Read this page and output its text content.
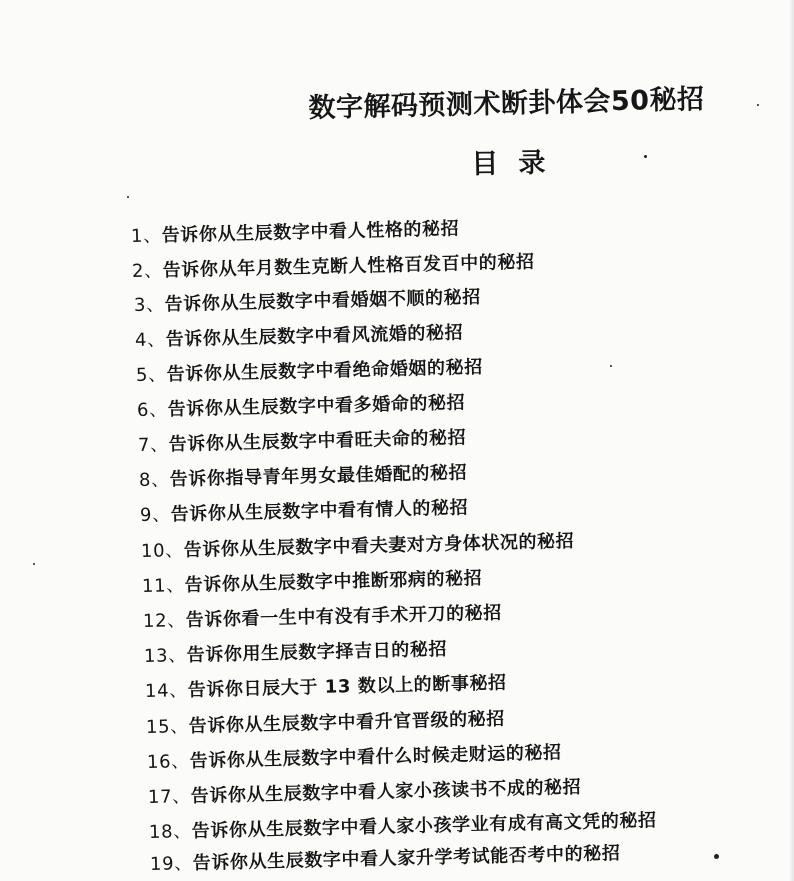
数字解码预测术断卦体会50秘招
目录
1、告诉你从生辰数字中看人性格的秘招
2、告诉你从年月数生克断人性格百发百中的秘招
3、告诉你从生辰数字中看婚姻不顺的秘招
4、告诉你从生辰数字中看风流婚的秘招
5、告诉你从生辰数字中看绝命婚姻的秘招
6、告诉你从生辰数字中看多婚命的秘招
7、告诉你从生辰数字中看旺夫命的秘招
8、告诉你指导青年男女最佳婚配的秘招
9、告诉你从生辰数字中看有情人的秘招
10、告诉你从生辰数字中看夫妻对方身体状况的秘招
11、告诉你从生辰数字中推断邪病的秘招
12、告诉你看一生中有没有手术开刀的秘招
13、告诉你用生辰数字择吉日的秘招
14、告诉你日辰大于 13 数以上的断事秘招
15、告诉你从生辰数字中看升官晋级的秘招
16、告诉你从生辰数字中看什么时候走财运的秘招
17、告诉你从生辰数字中看人家小孩读书不成的秘招
18、告诉你从生辰数字中看人家小孩学业有成有高文凭的秘招
19、告诉你从生辰数字中看人家升学考试能否考中的秘招
